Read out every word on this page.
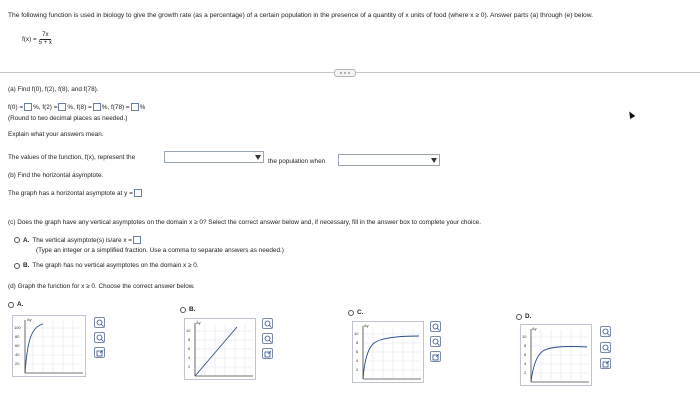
The following function is used in biology to give the growth rate (as a percentage) of a certain population in the presence of a quantity of x units of food (where x ≥ 0). Answer parts (a) through (e) below.
$f(x) = \frac{7x}{5 + x}$
(a) Find f(0), f(2), f(8), and f(78).
f(0) = %, f(2) = %, f(8) = %, f(78) = %
(Round to two decimal places as needed.)
Explain what your answers mean.
The values of the function, f(x), represent the
the population when
(b) Find the horizontal asymptote.
The graph has a horizontal asymptote at y =
(c) Does the graph have any vertical asymptotes on the domain x ≥ 0? Select the correct answer below and, if necessary, fill in the answer box to complete your choice.
A. The vertical asymptote(s) is/are x =
(Type an integer or a simplified fraction. Use a comma to separate answers as needed.)
B. The graph has no vertical asymptotes on the domain x ≥ 0.
(d) Graph the function for x ≥ 0. Choose the correct answer below.
A.
Ay
100
80
60
40
20
B.
Ay
10
8
6
4
2
C.
Ay
10
8
6
4
2
D.
Ay
10
8
6
4
2
